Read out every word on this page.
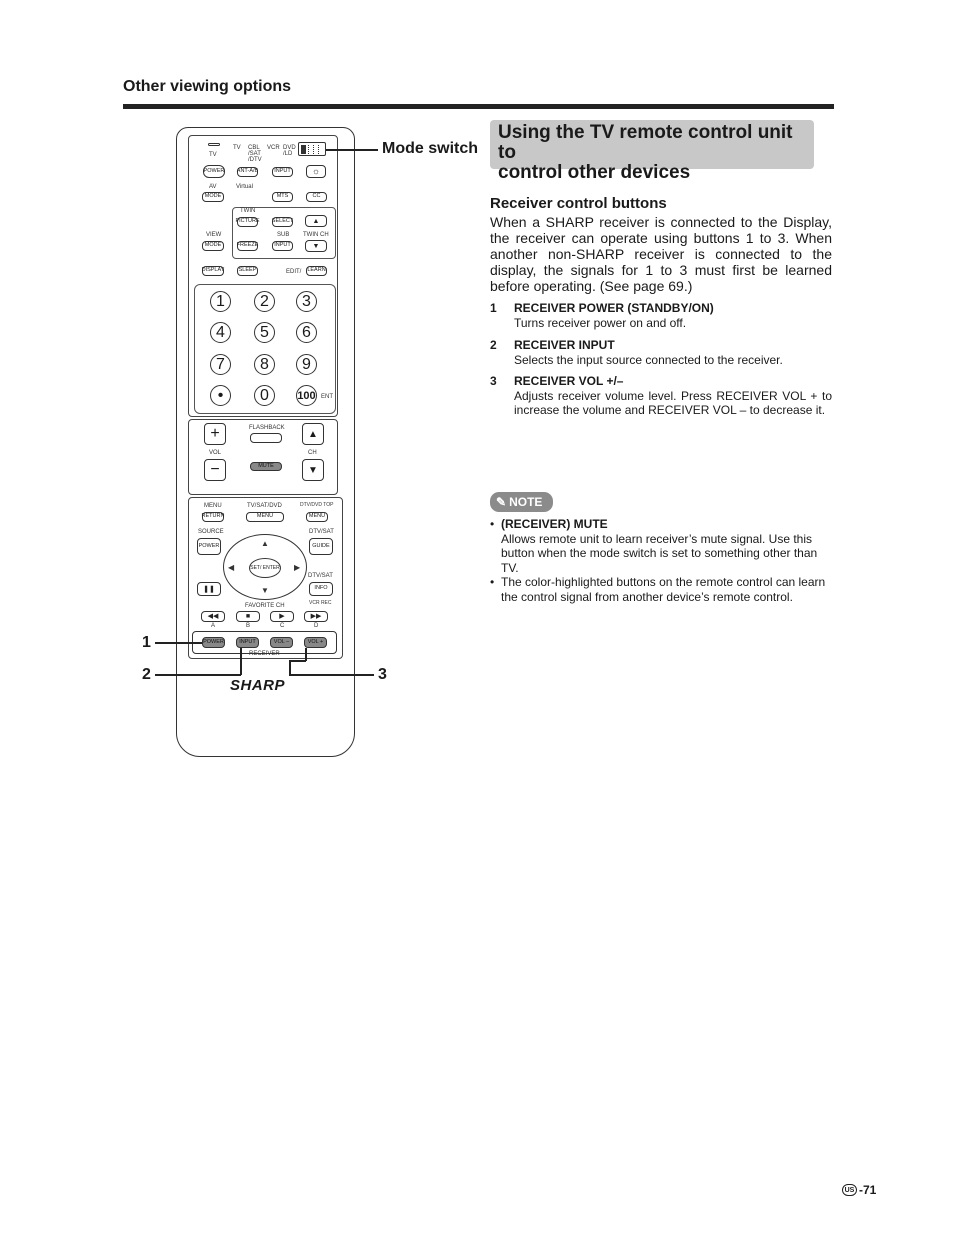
Other viewing options
TV CBL /SAT /DTV
VCR DVD /LD	Mode switch
TV
POWER ANT-A/B	INPUT	☼
AV	Virtual
MODE	MTS	CC
TWIN
PICTURE SELECT	▲
VIEW	SUB TWIN CH
MODE	FREEZE	INPUT	▼
DISPLAY	SLEEP	EDIT/ LEARN
1	2	3
4	5	6
7	8	9
•	0	100 ENT
+	FLASHBACK
▲
VOL	CH
−	MUTE	▼
MENU	TV/SAT/DVD	DTV/DVD TOP
RETURN	MENU	MENU
SOURCE	DTV/SAT
POWER	GUIDE
▲
▼
◀	▶
SET/ ENTER
DTV/SAT
INFO
❚❚
FAVORITE CH	VCR REC
◀◀	■	▶	▶▶
A	B	C	D
POWER	INPUT	VOL –	VOL +
RECEIVER
SHARP
1
2	3
Using the TV remote control unit to
control other devices
Receiver control buttons
When a SHARP receiver is connected to the Display, the receiver can operate using buttons 1 to 3. When another non-SHARP receiver is connected to the display, the signals for 1 to 3 must first be learned before operating. (See page 69.)
1 RECEIVER POWER (STANDBY/ON)
Turns receiver power on and off.
2 RECEIVER INPUT
Selects the input source connected to the receiver.
3 RECEIVER VOL +/–
Adjusts receiver volume level. Press RECEIVER VOL + to increase the volume and RECEIVER VOL – to decrease it.
✎ NOTE
• (RECEIVER) MUTE
Allows remote unit to learn receiver’s mute signal. Use this button when the mode switch is set to something other than TV.
• The color-highlighted buttons on the remote control can learn the control signal from another device’s remote control.
US -71
